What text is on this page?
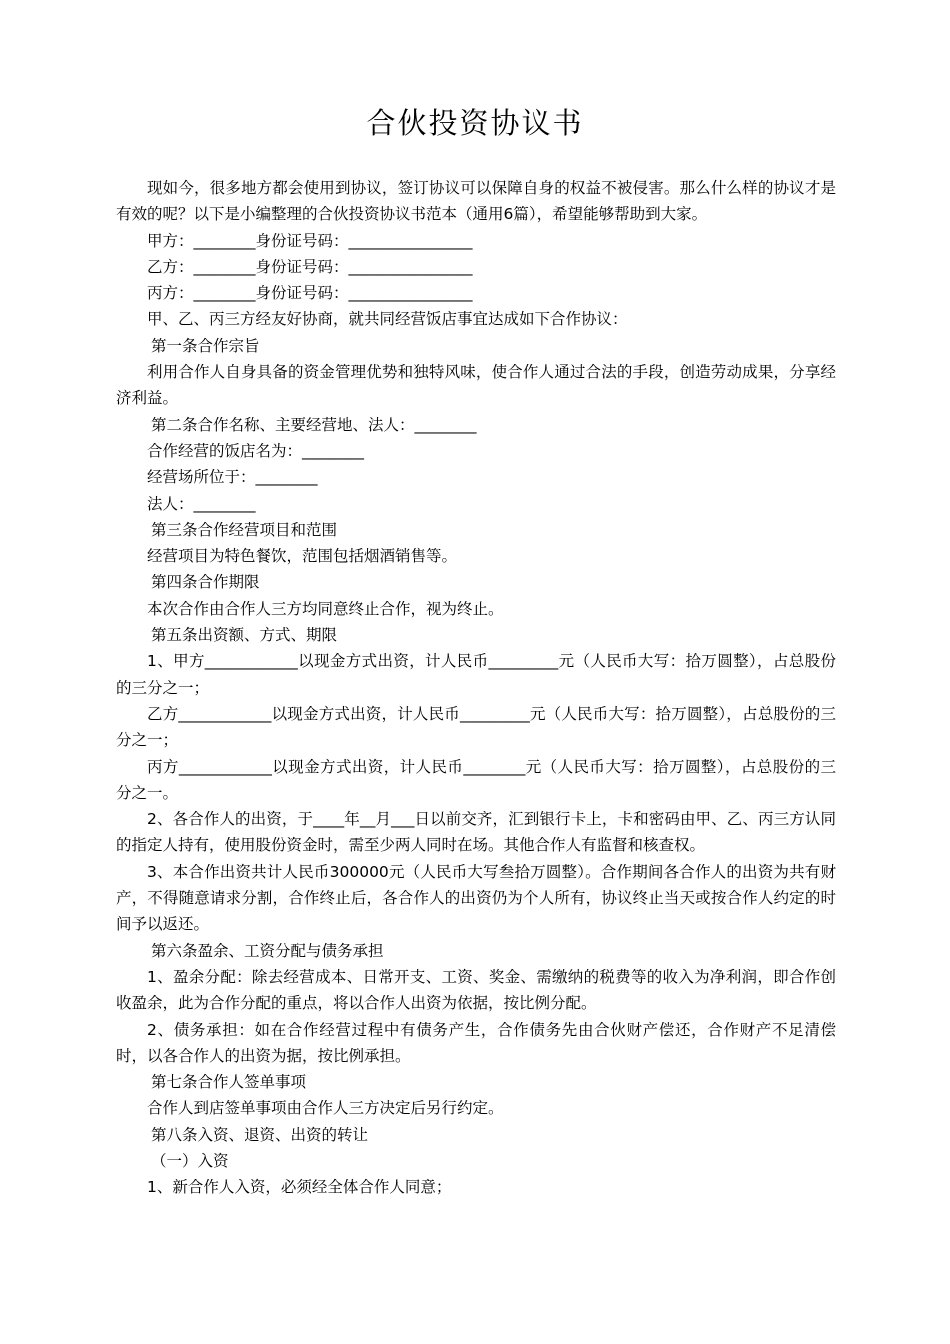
合伙投资协议书

现如今，很多地方都会使用到协议，签订协议可以保障自身的权益不被侵害。那么什么样的协议才是有效的呢？以下是小编整理的合伙投资协议书范本（通用6篇），希望能够帮助到大家。

甲方：________身份证号码：________________

乙方：________身份证号码：________________

丙方：________身份证号码：________________

甲、乙、丙三方经友好协商，就共同经营饭店事宜达成如下合作协议：

第一条合作宗旨

利用合作人自身具备的资金管理优势和独特风味，使合作人通过合法的手段，创造劳动成果，分享经济利益。

第二条合作名称、主要经营地、法人：________

合作经营的饭店名为：________

经营场所位于：________

法人：________

第三条合作经营项目和范围

经营项目为特色餐饮，范围包括烟酒销售等。

第四条合作期限

本次合作由合作人三方均同意终止合作，视为终止。

第五条出资额、方式、期限

1、甲方____________以现金方式出资，计人民币_________元（人民币大写：拾万圆整），占总股份的三分之一；

乙方____________以现金方式出资，计人民币_________元（人民币大写：拾万圆整），占总股份的三分之一；

丙方____________以现金方式出资，计人民币________元（人民币大写：拾万圆整），占总股份的三分之一。

2、各合作人的出资，于____年__月___日以前交齐，汇到银行卡上，卡和密码由甲、乙、丙三方认同的指定人持有，使用股份资金时，需至少两人同时在场。其他合作人有监督和核查权。

3、本合作出资共计人民币300000元（人民币大写叁拾万圆整）。合作期间各合作人的出资为共有财产，不得随意请求分割，合作终止后，各合作人的出资仍为个人所有，协议终止当天或按合作人约定的时间予以返还。

第六条盈余、工资分配与债务承担

1、盈余分配：除去经营成本、日常开支、工资、奖金、需缴纳的税费等的收入为净利润，即合作创收盈余，此为合作分配的重点，将以合作人出资为依据，按比例分配。

2、债务承担：如在合作经营过程中有债务产生，合作债务先由合伙财产偿还，合作财产不足清偿时，以各合作人的出资为据，按比例承担。

第七条合作人签单事项

合作人到店签单事项由合作人三方决定后另行约定。

第八条入资、退资、出资的转让

（一）入资

1、新合作人入资，必须经全体合作人同意；
